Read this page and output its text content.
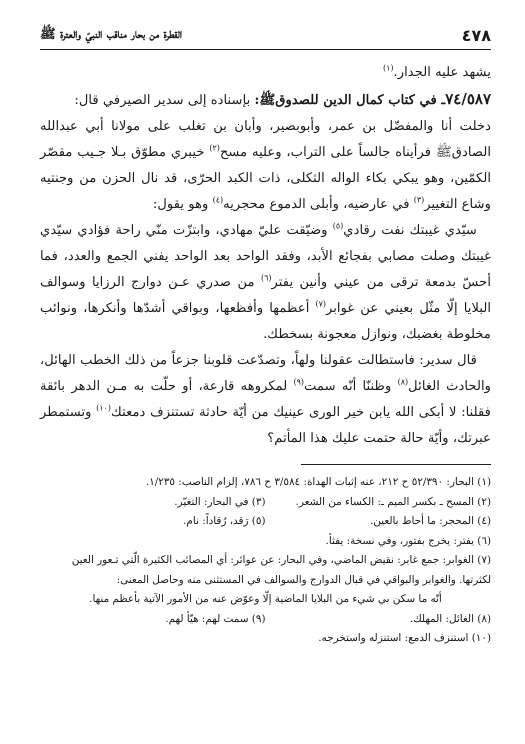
٤٧٨
القطرة من بحار مناقب النبيّ والعترة ﷺ

يشهد عليه الجدار.$^{(١)}$

٧٤/٥٨٧ـ في كتاب كمال الدين للصدوقﷺ: بإسناده إلى سدير الصيرفي قال:

دخلت أنا والمفضّل بن عمر، وأبوبصير، وأبان بن تغلب على مولانا أبي عبدالله الصادقﷺ فرأيناه جالساً على التراب، وعليه مسح$^{(٢)}$ خيبري مطوّق بـلا جـيب مقصّر الكمّين، وهو يبكي بكاء الواله الثكلى، ذات الكبد الحرّى، قد نال الحزن من وجنتيه وشاع التغيير$^{(٣)}$ في عارضيه، وأبلى الدموع محجريه$^{(٤)}$ وهو يقول:

سيّدي غيبتك نفت رقادي$^{(٥)}$ وضيّقت عليّ مهادي، وابتزّت منّي راحة فؤادي سيّدي غيبتك وصلت مصابي بفجائع الأبد، وفقد الواحد بعد الواحد يفني الجمع والعدد، فما أحسّ بدمعة ترقى من عيني وأنين يفتر$^{(٦)}$ من صدري عـن دوارج الرزايا وسوالف البلايا إلّا مثّل بعيني عن غوابر$^{(٧)}$ أعظمها وأفظعها، وبواقي أشدّها وأنكرها، ونوائب مخلوطة بغضبك، ونوازل معجونة بسخطك.

قال سدير: فاستطالت عقولنا ولهاً، وتصدّعت قلوبنا جزعاً من ذلك الخطب الهائل، والحادث الغائل$^{(٨)}$ وظننّا أنّه سمت$^{(٩)}$ لمكروهه قارعة، أو حلّت به مـن الدهر بائقة فقلنا: لا أبكى الله يابن خير الورى عينيك من أيّة حادثة تستنزف دمعتك$^{(١٠)}$ وتستمطر عبرتك، وأيّة حالة حتمت عليك هذا المأتم؟

(١) البحار: ٥٢/٣٩٠ ح ٢١٢، عنه إثبات الهداة: ٣/٥٨٤ ح ٧٨٦، إلزام الناصب: ١/٢٣٥.
(٢) المسح ـ بكسر الميم ـ: الكساء من الشعر.
(٣) في البحار: التغيّر.
(٤) المحجر: ما أحاط بالعين.
(٥) رَقد، رُقاداً: نام.
(٦) يفتر: يخرج بفتور، وفي نسخة: يفثأ.
(٧) الغوابر: جمع غابر: نقيض الماضي، وفي البحار: عن عوائر: أي المصائب الكثيرة الّتي تـعور العين لكثرتها. والغوابر والبواقي في قبال الدوارج والسوالف في المستثنى منه وحاصل المعنى:
أنّه ما سكن بي شيء من البلايا الماضية إلّا وعوّض عنه من الأمور الآتية بأعظم منها.
(٨) الغائل: المهلك.
(٩) سمت لهم: هيّأ لهم.
(١٠) استنزف الدمع: استنزله واستخرجه.
